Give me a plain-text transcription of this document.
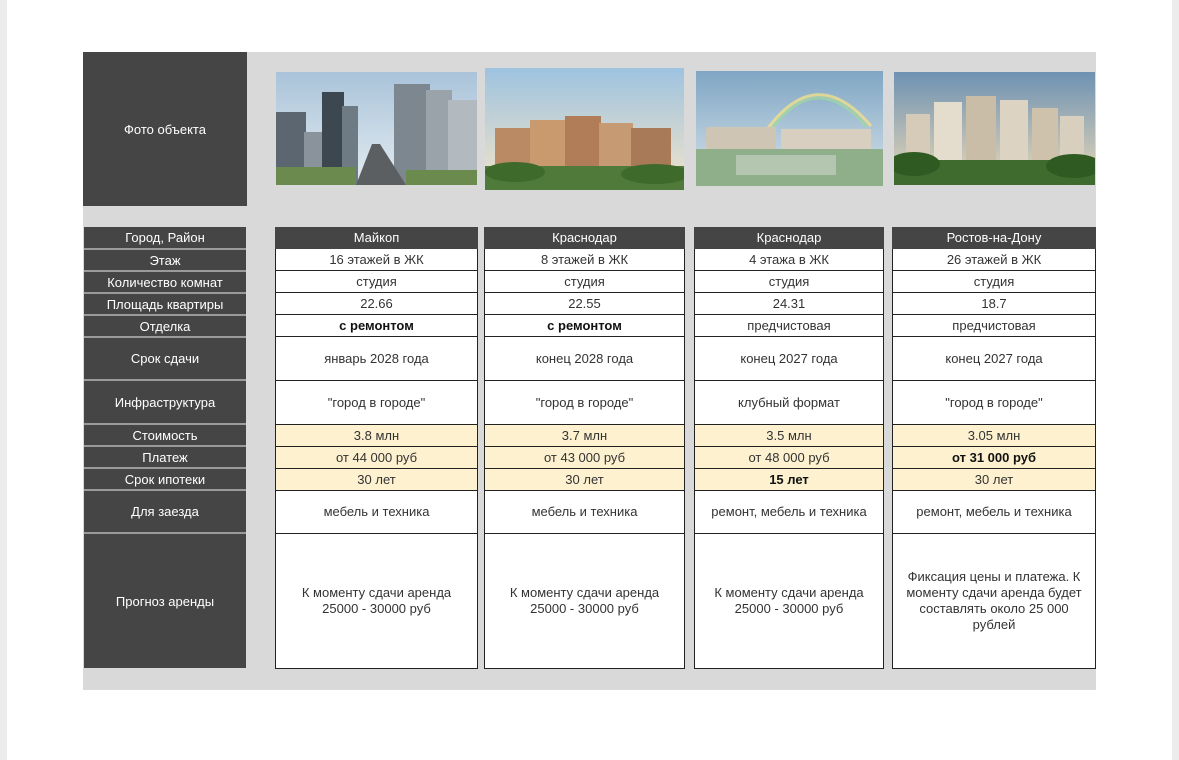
Фото объекта
Город, Район
Этаж
Количество комнат
Площадь квартиры
Отделка
Срок сдачи
Инфраструктура
Стоимость
Платеж
Срок ипотеки
Для заезда
Прогноз аренды
Майкоп
16 этажей в ЖК
студия
22.66
с ремонтом
январь 2028 года
"город в городе"
3.8 млн
от 44 000 руб
30 лет
мебель и техника
К моменту сдачи аренда 25000 - 30000 руб
Краснодар
8 этажей в ЖК
студия
22.55
с ремонтом
конец 2028 года
"город в городе"
3.7 млн
от 43 000 руб
30 лет
мебель и техника
К моменту сдачи аренда 25000 - 30000 руб
Краснодар
4 этажа в ЖК
студия
24.31
предчистовая
конец 2027 года
клубный формат
3.5 млн
от 48 000 руб
15 лет
ремонт, мебель и техника
К моменту сдачи аренда 25000 - 30000 руб
Ростов-на-Дону
26 этажей в ЖК
студия
18.7
предчистовая
конец 2027 года
"город в городе"
3.05 млн
от 31 000 руб
30 лет
ремонт, мебель и техника
Фиксация цены и платежа. К моменту сдачи аренда будет составлять около 25 000 рублей
